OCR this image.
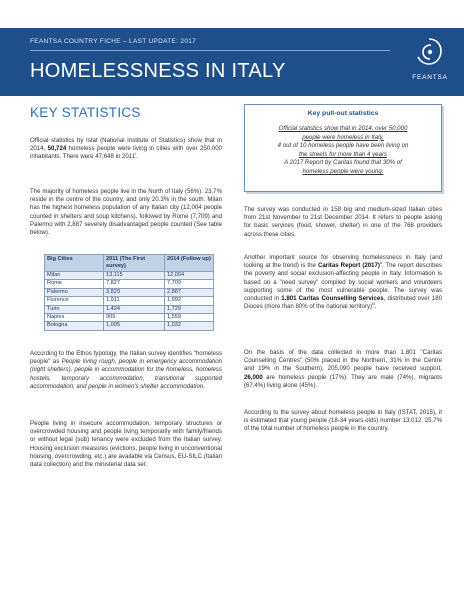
FEANTSA COUNTRY FICHE – LAST UPDATE: 2017
HOMELESSNESS IN ITALY	FEANTSA
KEY STATISTICS
Official statistics by Istat (National Institute of Statistics) show that in 2014, 50,724 homeless people were living in cities with over 250,000 inhabitants. There were 47,648 in 2011$^i$.
The majority of homeless people live in the North of Italy (56%). 23.7% reside in the centre of the country, and only 20.3% in the south. Milan has the highest homeless population of any Italian city (12,004 people counted in shelters and soup kitchens), followed by Rome (7,709) and Palermo with 2,887 severely disadvantaged people counted (See table below).
Big Cities	2011 (The First survey)	2014 (Follow up)
Milan	13,115	12,004
Rome	7,827	7,709
Palermo	3,829	2,887
Florence	1,911	1,992
Turin	1,424	1,729
Naples	909	1,559
Bologna	1,005	1,032
According to the Ethos typology, the Italian survey identifies "homeless people" as People living rough, people in emergency accommodation (night shelters), people in accommodation for the homeless, homeless hostels, temporary accommodation, transitional supported accommodation, and people in women's shelter accommodation.
People living in insecure accommodation, temporary structures or overcrowded housing and people living temporarily with family/friends or without legal (sub) tenancy were excluded from the Italian survey. Housing exclusion measures (evictions, people living in unconventional housing, overcrowding, etc.) are available via Census, EU-SILC (Italian data collection) and the ministerial data set.
Key pull-out statistics
Official statistics show that in 2014, over 50,000
people were homeless in Italy.
4 out of 10 homeless people have been living on
the streets for more than 4 years
A 2017 Report by Caritas found that 30% of
homeless people were young.
The survey was conducted in 158 big and medium-sized Italian cities from 21st November to 21st December 2014. It refers to people asking for basic services (food, shower, shelter) in one of the 768 providers across these cities.
Another important source for observing homelessness in Italy (and looking at the trend) is the Caritas Report $(2017)^{ii}$. The report describes the poverty and social exclusion-affecting people in Italy. Information is based on a "need survey" compiled by social workers and volunteers supporting some of the most vulnerable people. The survey was conducted in 1.801 Caritas Counselling Services, distributed over 180 Dioces (more than 80% of the national territory)$^{iii}$.
On the basis of the data collected in more than 1.801 "Caritas Counselling Centres" (50% placed in the Northern, 31% in the Centre and 19% in the Southern), 205,090 people have received support, 26,000 are homeless people (17%). They are male (74%), migrants (67,4%) living alone (45%).
According to the survey about homeless people in Italy (ISTAT, 2015), it is estimated that young people (18-34 years olds) number 13.012, 25.7% of the total number of homeless people in the country.
